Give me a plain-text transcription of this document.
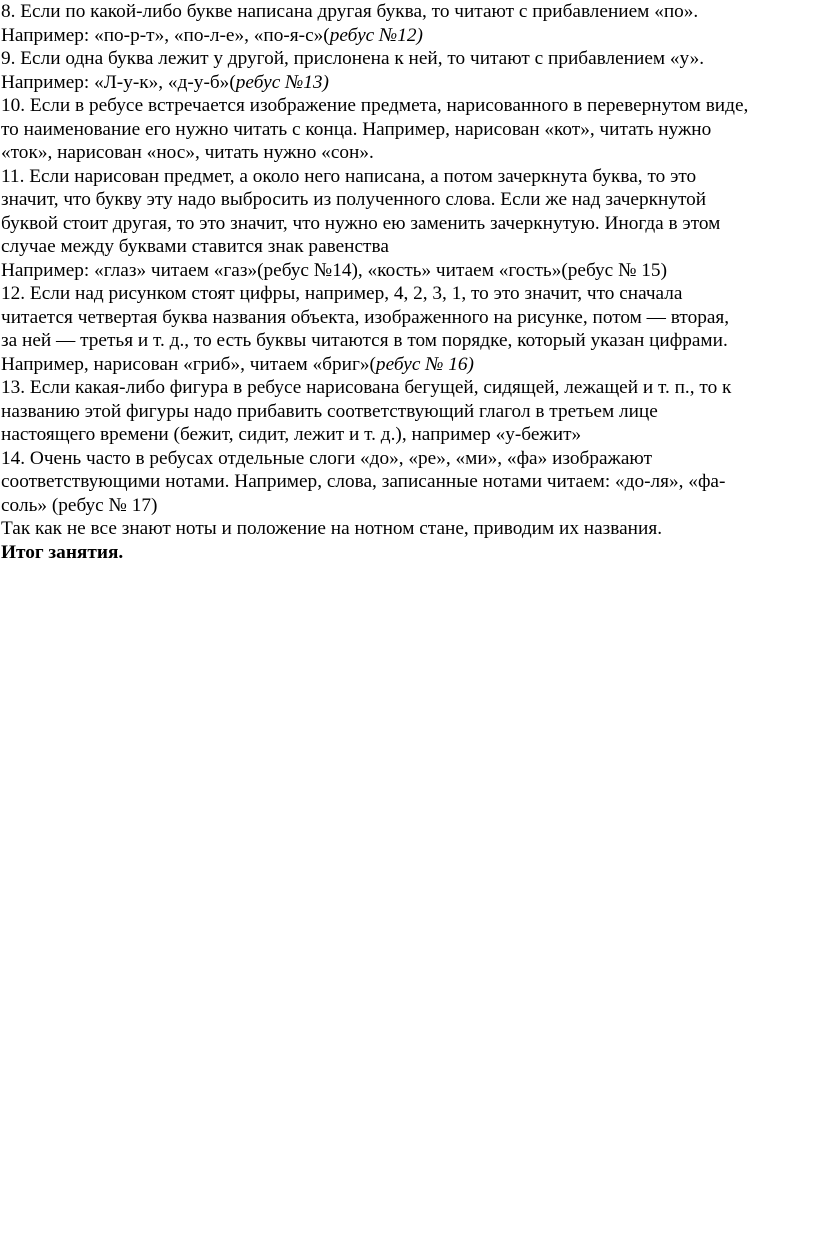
8. Если по какой-либо букве написана другая буква, то читают с прибавлением «по».
Например: «по-р-т», «по-л-е», «по-я-с»(ребус №12)
9. Если одна буква лежит у другой, прислонена к ней, то читают с прибавлением «у».
Например: «Л-у-к», «д-у-б»(ребус №13)
10. Если в ребусе встречается изображение предмета, нарисованного в перевернутом виде,
то наименование его нужно читать с конца. Например, нарисован «кот», читать нужно
«ток», нарисован «нос», читать нужно «сон».
11. Если нарисован предмет, а около него написана, а потом зачеркнута буква, то это
значит, что букву эту надо выбросить из полученного слова. Если же над зачеркнутой
буквой стоит другая, то это значит, что нужно ею заменить зачеркнутую. Иногда в этом
случае между буквами ставится знак равенства
Например: «глаз» читаем «газ»(ребус №14), «кость» читаем «гость»(ребус № 15)
12. Если над рисунком стоят цифры, например, 4, 2, 3, 1, то это значит, что сначала
читается четвертая буква названия объекта, изображенного на рисунке, потом — вторая,
за ней — третья и т. д., то есть буквы читаются в том порядке, который указан цифрами.
Например, нарисован «гриб», читаем «бриг»(ребус № 16)
13. Если какая-либо фигура в ребусе нарисована бегущей, сидящей, лежащей и т. п., то к
названию этой фигуры надо прибавить соответствующий глагол в третьем лице
настоящего времени (бежит, сидит, лежит и т. д.), например «у-бежит»
14. Очень часто в ребусах отдельные слоги «до», «ре», «ми», «фа» изображают
соответствующими нотами. Например, слова, записанные нотами читаем: «до-ля», «фа-
соль» (ребус № 17)
Так как не все знают ноты и положение на нотном стане, приводим их названия.
Итог занятия.
